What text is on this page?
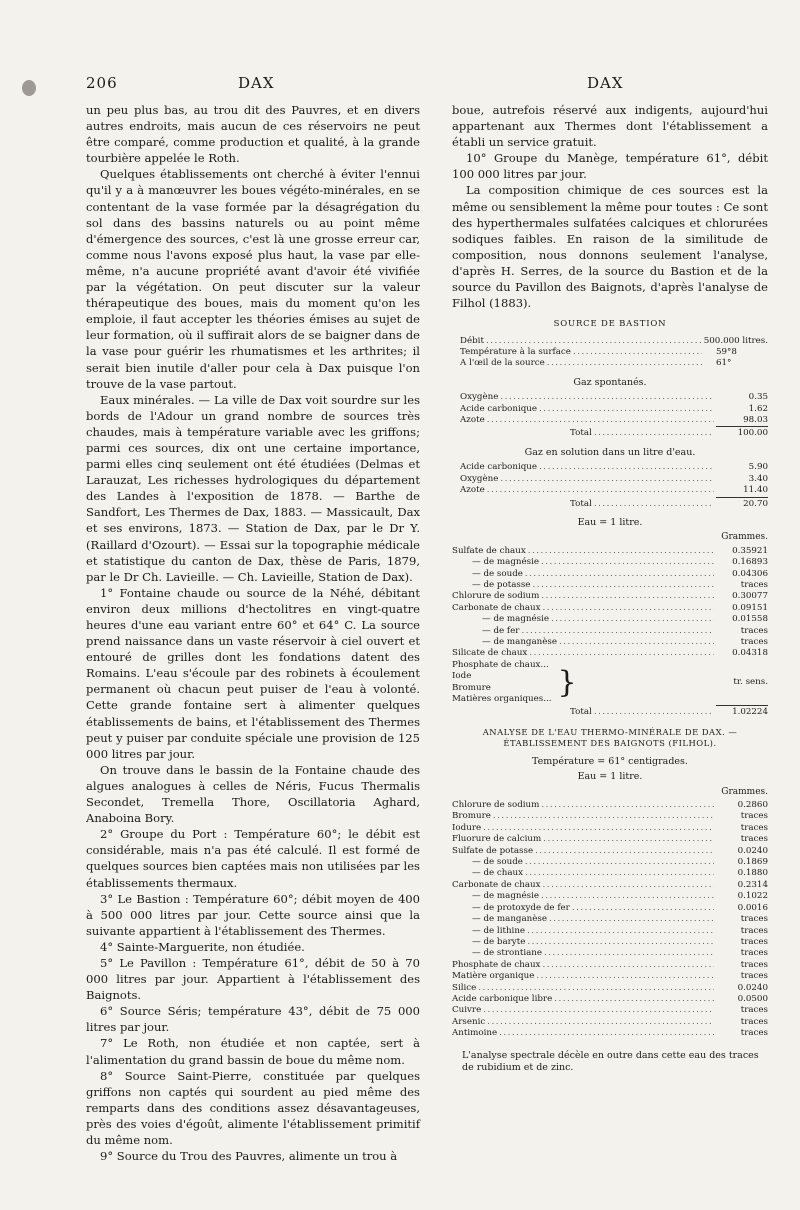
206	DAX	DAX

un peu plus bas, au trou dit des Pauvres, et en divers autres endroits, mais aucun de ces réservoirs ne peut être comparé, comme production et qualité, à la grande tourbière appelée le Roth.

Quelques établissements ont cherché à éviter l'ennui qu'il y a à manœuvrer les boues végéto-minérales, en se contentant de la vase formée par la désagrégation du sol dans des bassins naturels ou au point même d'émergence des sources, c'est là une grosse erreur car, comme nous l'avons exposé plus haut, la vase par elle-même, n'a aucune propriété avant d'avoir été vivifiée par la végétation. On peut discuter sur la valeur thérapeutique des boues, mais du moment qu'on les emploie, il faut accepter les théories émises au sujet de leur formation, où il suffirait alors de se baigner dans de la vase pour guérir les rhumatismes et les arthrites; il serait bien inutile d'aller pour cela à Dax puisque l'on trouve de la vase partout.

Eaux minérales. — La ville de Dax voit sourdre sur les bords de l'Adour un grand nombre de sources très chaudes, mais à température variable avec les griffons; parmi ces sources, dix ont une certaine importance, parmi elles cinq seulement ont été étudiées (Delmas et Larauzat, Les richesses hydrologiques du département des Landes à l'exposition de 1878. — Barthe de Sandfort, Les Thermes de Dax, 1883. — Massicault, Dax et ses environs, 1873. — Station de Dax, par le Dr Y. (Raillard d'Ozourt). — Essai sur la topographie médicale et statistique du canton de Dax, thèse de Paris, 1879, par le Dr Ch. Lavieille. — Ch. Lavieille, Station de Dax).

1° Fontaine chaude ou source de la Néhé, débitant environ deux millions d'hectolitres en vingt-quatre heures d'une eau variant entre 60° et 64° C. La source prend naissance dans un vaste réservoir à ciel ouvert et entouré de grilles dont les fondations datent des Romains. L'eau s'écoule par des robinets à écoulement permanent où chacun peut puiser de l'eau à volonté. Cette grande fontaine sert à alimenter quelques établissements de bains, et l'établissement des Thermes peut y puiser par conduite spéciale une provision de 125 000 litres par jour.

On trouve dans le bassin de la Fontaine chaude des algues analogues à celles de Néris, Fucus Thermalis Secondet, Tremella Thore, Oscillatoria Aghard, Anaboina Bory.

2° Groupe du Port : Température 60°; le débit est considérable, mais n'a pas été calculé. Il est formé de quelques sources bien captées mais non utilisées par les établissements thermaux.

3° Le Bastion : Température 60°; débit moyen de 400 à 500 000 litres par jour. Cette source ainsi que la suivante appartient à l'établissement des Thermes.

4° Sainte-Marguerite, non étudiée.

5° Le Pavillon : Température 61°, débit de 50 à 70 000 litres par jour. Appartient à l'établissement des Baignots.

6° Source Séris; température 43°, débit de 75 000 litres par jour.

7° Le Roth, non étudiée et non captée, sert à l'alimentation du grand bassin de boue du même nom.

8° Source Saint-Pierre, constituée par quelques griffons non captés qui sourdent au pied même des remparts dans des conditions assez désavantageuses, près des voies d'égoût, alimente l'établissement primitif du même nom.

9° Source du Trou des Pauvres, alimente un trou à

boue, autrefois réservé aux indigents, aujourd'hui appartenant aux Thermes dont l'établissement a établi un service gratuit.

10° Groupe du Manège, température 61°, débit 100 000 litres par jour.

La composition chimique de ces sources est la même ou sensiblement la même pour toutes : Ce sont des hyperthermales sulfatées calciques et chlorurées sodiques faibles. En raison de la similitude de composition, nous donnons seulement l'analyse, d'après H. Serres, de la source du Bastion et de la source du Pavillon des Baignots, d'après l'analyse de Filhol (1883).

SOURCE DE BASTION
Débit .....	500.000 litres.
Température à la surface .....	59°8
A l'œil de la source .....	61°
Gaz spontanés.
Oxygène .....	0.35
Acide carbonique .....	1.62
Azote .....	98.03
Total .....	100.00
Gaz en solution dans un litre d'eau.
Acide carbonique .....	5.90
Oxygène .....	3.40
Azote .....	11.40
Total .....	20.70
Eau = 1 litre.
Grammes.
Sulfate de chaux .....	0.35921
— de magnésie .....	0.16893
— de soude .....	0.04306
— de potasse .....	traces
Chlorure de sodium .....	0.30077
Carbonate de chaux .....	0.09151
— de magnésie .....	0.01558
— de fer .....	traces
— de manganèse .....	traces
Silicate de chaux .....	0.04318
Phosphate de chaux...
Iode
Bromure
Matières organiques... }	tr. sens.
Total .....	1.02224
ANALYSE DE L'EAU THERMO-MINÉRALE DE DAX. — ÉTABLISSEMENT DES BAIGNOTS (FILHOL).
Température = 61° centigrades.
Eau = 1 litre.
Grammes.
Chlorure de sodium .....	0.2860
Bromure .....	traces
Iodure .....	traces
Fluorure de calcium .....	traces
Sulfate de potasse .....	0.0240
— de soude .....	0.1869
— de chaux .....	0.1880
Carbonate de chaux .....	0.2314
— de magnésie .....	0.1022
— de protoxyde de fer .....	0.0016
— de manganèse .....	traces
— de lithine .....	traces
— de baryte .....	traces
— de strontiane .....	traces
Phosphate de chaux .....	traces
Matière organique .....	traces
Silice .....	0.0240
Acide carbonique libre .....	0.0500
Cuivre .....	traces
Arsenic .....	traces
Antimoine .....	traces
L'analyse spectrale décèle en outre dans cette eau des traces de rubidium et de zinc.
